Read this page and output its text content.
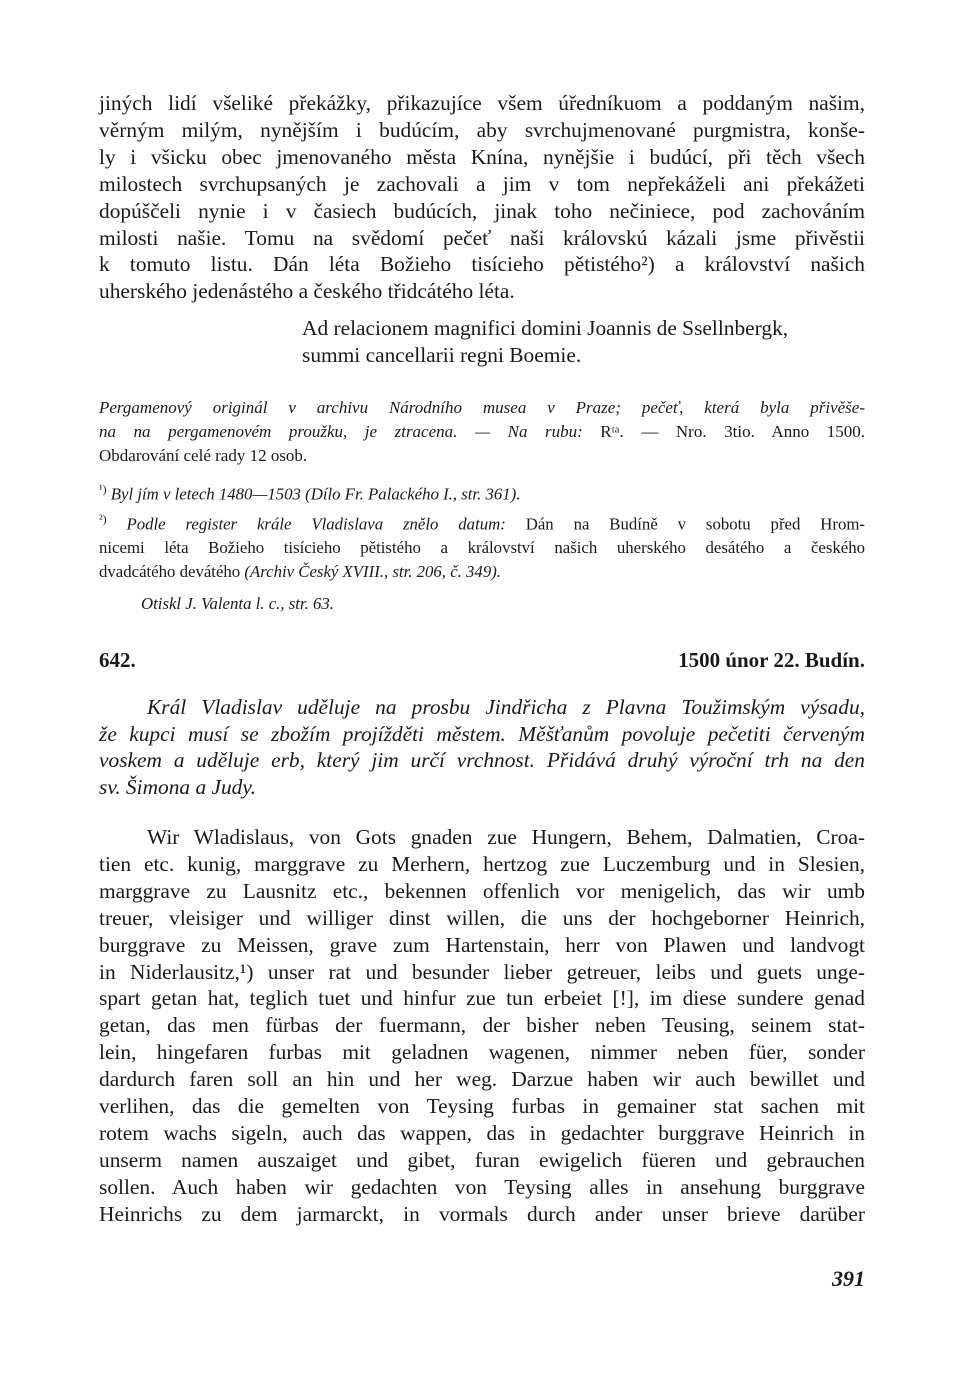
jiných lidí všeliké překážky, přikazujíce všem úředníkuom a poddaným našim,
věrným milým, nynějším i budúcím, aby svrchujmenované purgmistra, konše-
ly i všicku obec jmenovaného města Knína, nynějšie i budúcí, při těch všech
milostech svrchupsaných je zachovali a jim v tom nepřekáželi ani překážeti
dopúščeli nynie i v časiech budúcích, jinak toho nečiniece, pod zachováním
milosti našie. Tomu na svědomí pečeť naši královskú kázali jsme přivěstii
k tomuto listu. Dán léta Božieho tisícieho pětistého²) a království našich
uherského jedenástého a českého třidcátého léta.
Ad relacionem magnifici domini Joannis de Ssellnbergk,
summi cancellarii regni Boemie.
Pergamenový originál v archivu Národního musea v Praze; pečeť, která byla přivěše-
na na pergamenovém proužku, je ztracena. — Na rubu: Rᵗᵃ. — Nro. 3tio. Anno 1500.
Obdarování celé rady 12 osob.
$^{^1)}$ Byl jím v letech 1480—1503 (Dílo Fr. Palackého I., str. 361).
$^{^2)}$ Podle register krále Vladislava znělo datum: Dán na Budíně v sobotu před Hrom-
nicemi léta Božieho tisícieho pětistého a království našich uherského desátého a českého
dvadcátého devátého (Archiv Český XVIII., str. 206, č. 349).
Otiskl J. Valenta l. c., str. 63.
642.	1500 únor 22. Budín.
Král Vladislav uděluje na prosbu Jindřicha z Plavna Toužimským výsadu,
že kupci musí se zbožím projížděti městem. Měšťanům povoluje pečetiti červeným
voskem a uděluje erb, který jim určí vrchnost. Přidává druhý výroční trh na den
sv. Šimona a Judy.
Wir Wladislaus, von Gots gnaden zue Hungern, Behem, Dalmatien, Croa-
tien etc. kunig, marggrave zu Merhern, hertzog zue Luczemburg und in Slesien,
marggrave zu Lausnitz etc., bekennen offenlich vor menigelich, das wir umb
treuer, vleisiger und williger dinst willen, die uns der hochgeborner Heinrich,
burggrave zu Meissen, grave zum Hartenstain, herr von Plawen und landvogt
in Niderlausitz,¹) unser rat und besunder lieber getreuer, leibs und guets unge-
spart getan hat, teglich tuet und hinfur zue tun erbeiet [!], im diese sundere genad
getan, das men fürbas der fuermann, der bisher neben Teusing, seinem stat-
lein, hingefaren furbas mit geladnen wagenen, nimmer neben füer, sonder
dardurch faren soll an hin und her weg. Darzue haben wir auch bewillet und
verlihen, das die gemelten von Teysing furbas in gemainer stat sachen mit
rotem wachs sigeln, auch das wappen, das in gedachter burggrave Heinrich in
unserm namen auszaiget und gibet, furan ewigelich füeren und gebrauchen
sollen. Auch haben wir gedachten von Teysing alles in ansehung burggrave
Heinrichs zu dem jarmarckt, in vormals durch ander unser brieve darüber
391
